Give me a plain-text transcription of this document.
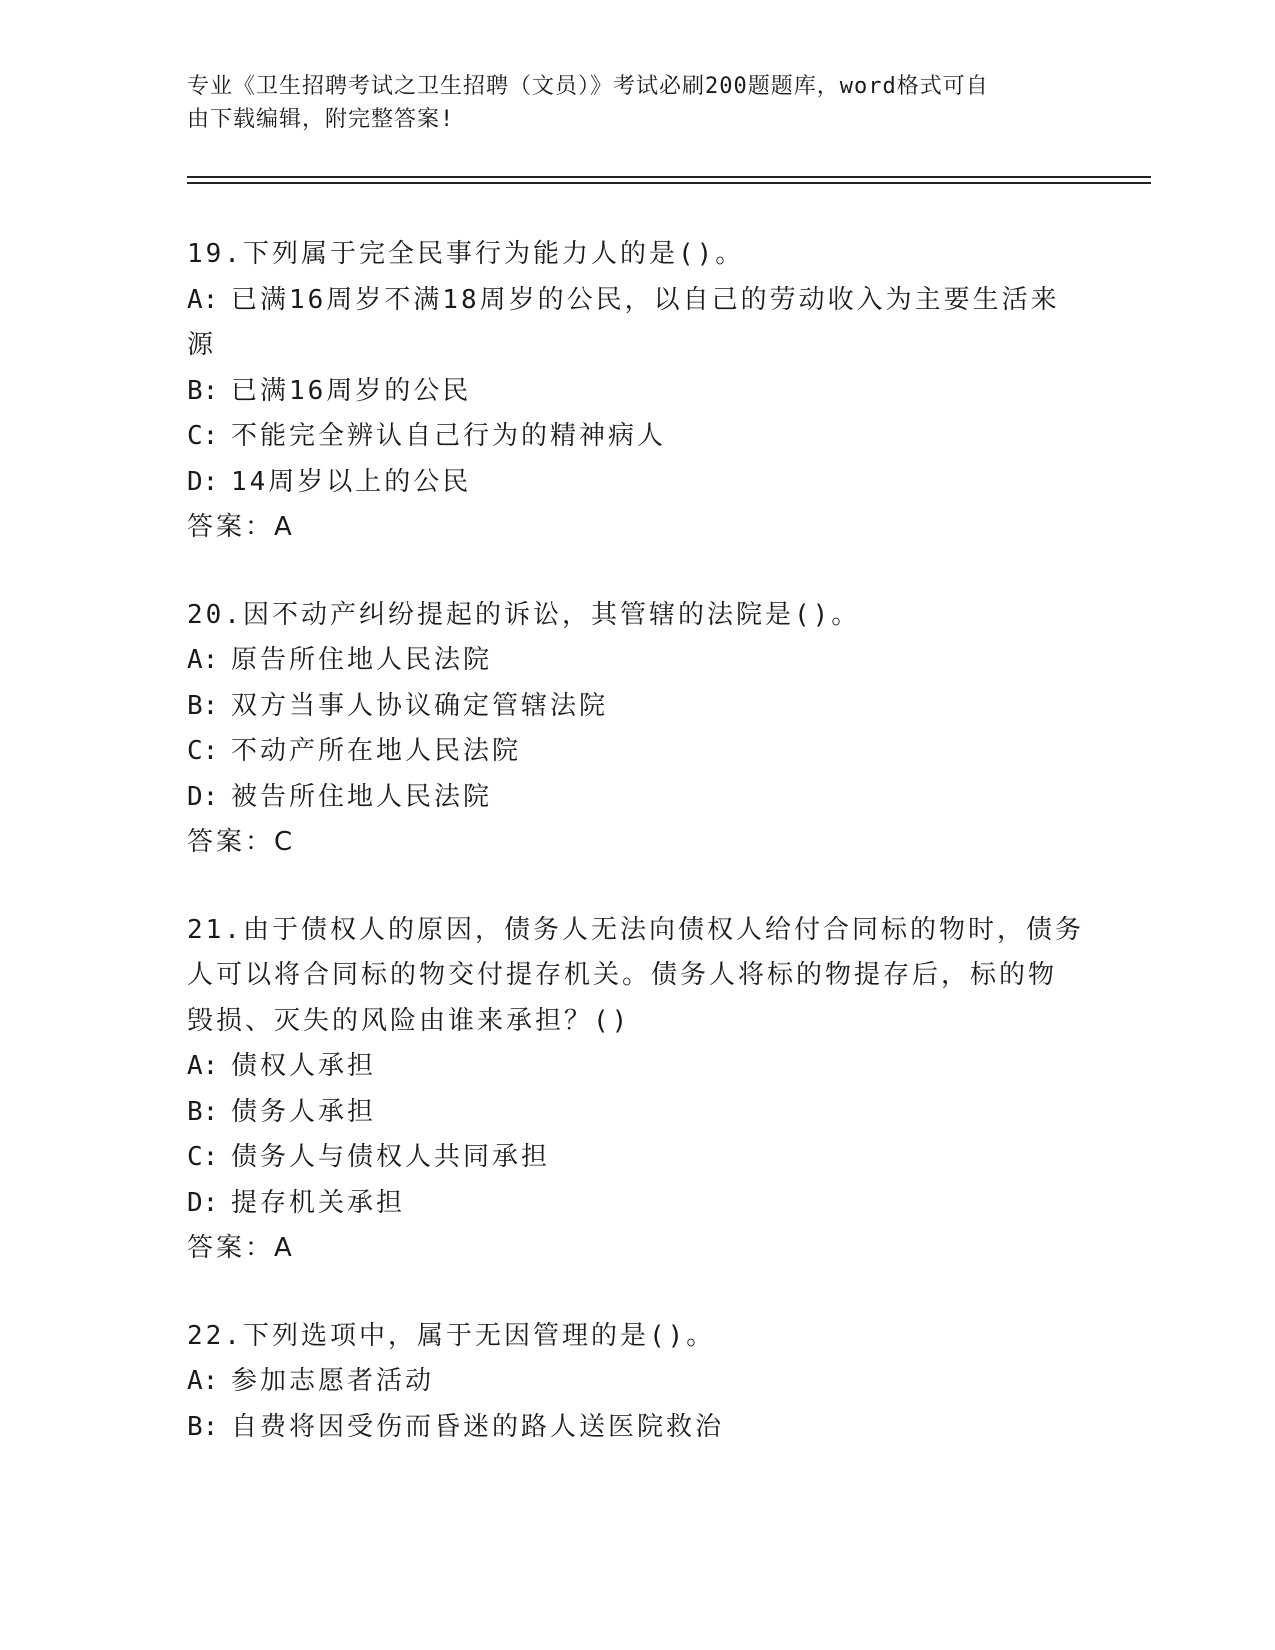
专业《卫生招聘考试之卫生招聘（文员）》考试必刷200题题库，word格式可自
由下载编辑，附完整答案!
19.下列属于完全民事行为能力人的是()。
A: 已满16周岁不满18周岁的公民，以自己的劳动收入为主要生活来
源
B: 已满16周岁的公民
C: 不能完全辨认自己行为的精神病人
D: 14周岁以上的公民
答案：A
20.因不动产纠纷提起的诉讼，其管辖的法院是()。
A: 原告所住地人民法院
B: 双方当事人协议确定管辖法院
C: 不动产所在地人民法院
D: 被告所住地人民法院
答案：C
21.由于债权人的原因，债务人无法向债权人给付合同标的物时，债务
人可以将合同标的物交付提存机关。债务人将标的物提存后，标的物
毁损、灭失的风险由谁来承担？()
A: 债权人承担
B: 债务人承担
C: 债务人与债权人共同承担
D: 提存机关承担
答案：A
22.下列选项中，属于无因管理的是()。
A: 参加志愿者活动
B: 自费将因受伤而昏迷的路人送医院救治
